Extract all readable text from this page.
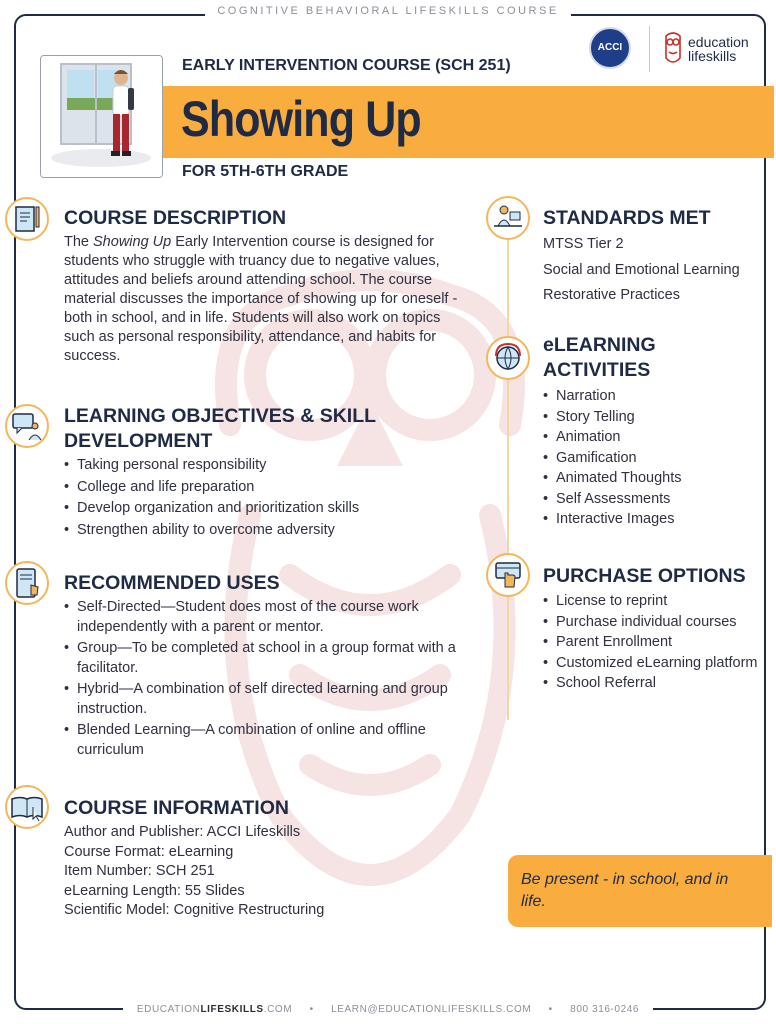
COGNITIVE BEHAVIORAL LIFESKILLS COURSE
EARLY INTERVENTION COURSE (SCH 251)
Showing Up
FOR 5TH-6TH GRADE
ACCI	education
lifeskills
COURSE DESCRIPTION
The Showing Up Early Intervention course is designed for students who struggle with truancy due to negative values, attitudes and beliefs around attending school. The course material discusses the importance of showing up for oneself - both in school, and in life. Students will also work on topics such as personal responsibility, attendance, and habits for success.
LEARNING OBJECTIVES & SKILL
DEVELOPMENT
• Taking personal responsibility
• College and life preparation
• Develop organization and prioritization skills
• Strengthen ability to overcome adversity
RECOMMENDED USES
• Self-Directed—Student does most of the course work independently with a parent or mentor.
• Group—To be completed at school in a group format with a facilitator.
• Hybrid—A combination of self directed learning and group instruction.
• Blended Learning—A combination of online and offline curriculum
COURSE INFORMATION
Author and Publisher: ACCI Lifeskills
Course Format: eLearning
Item Number: SCH 251
eLearning Length: 55 Slides
Scientific Model: Cognitive Restructuring
STANDARDS MET
MTSS Tier 2
Social and Emotional Learning
Restorative Practices
eLEARNING
ACTIVITIES
• Narration
• Story Telling
• Animation
• Gamification
• Animated Thoughts
• Self Assessments
• Interactive Images
PURCHASE OPTIONS
• License to reprint
• Purchase individual courses
• Parent Enrollment
• Customized eLearning platform
• School Referral
Be present - in school, and in life.
EDUCATIONLIFESKILLS.COM • LEARN@EDUCATIONLIFESKILLS.COM • 800 316-0246
